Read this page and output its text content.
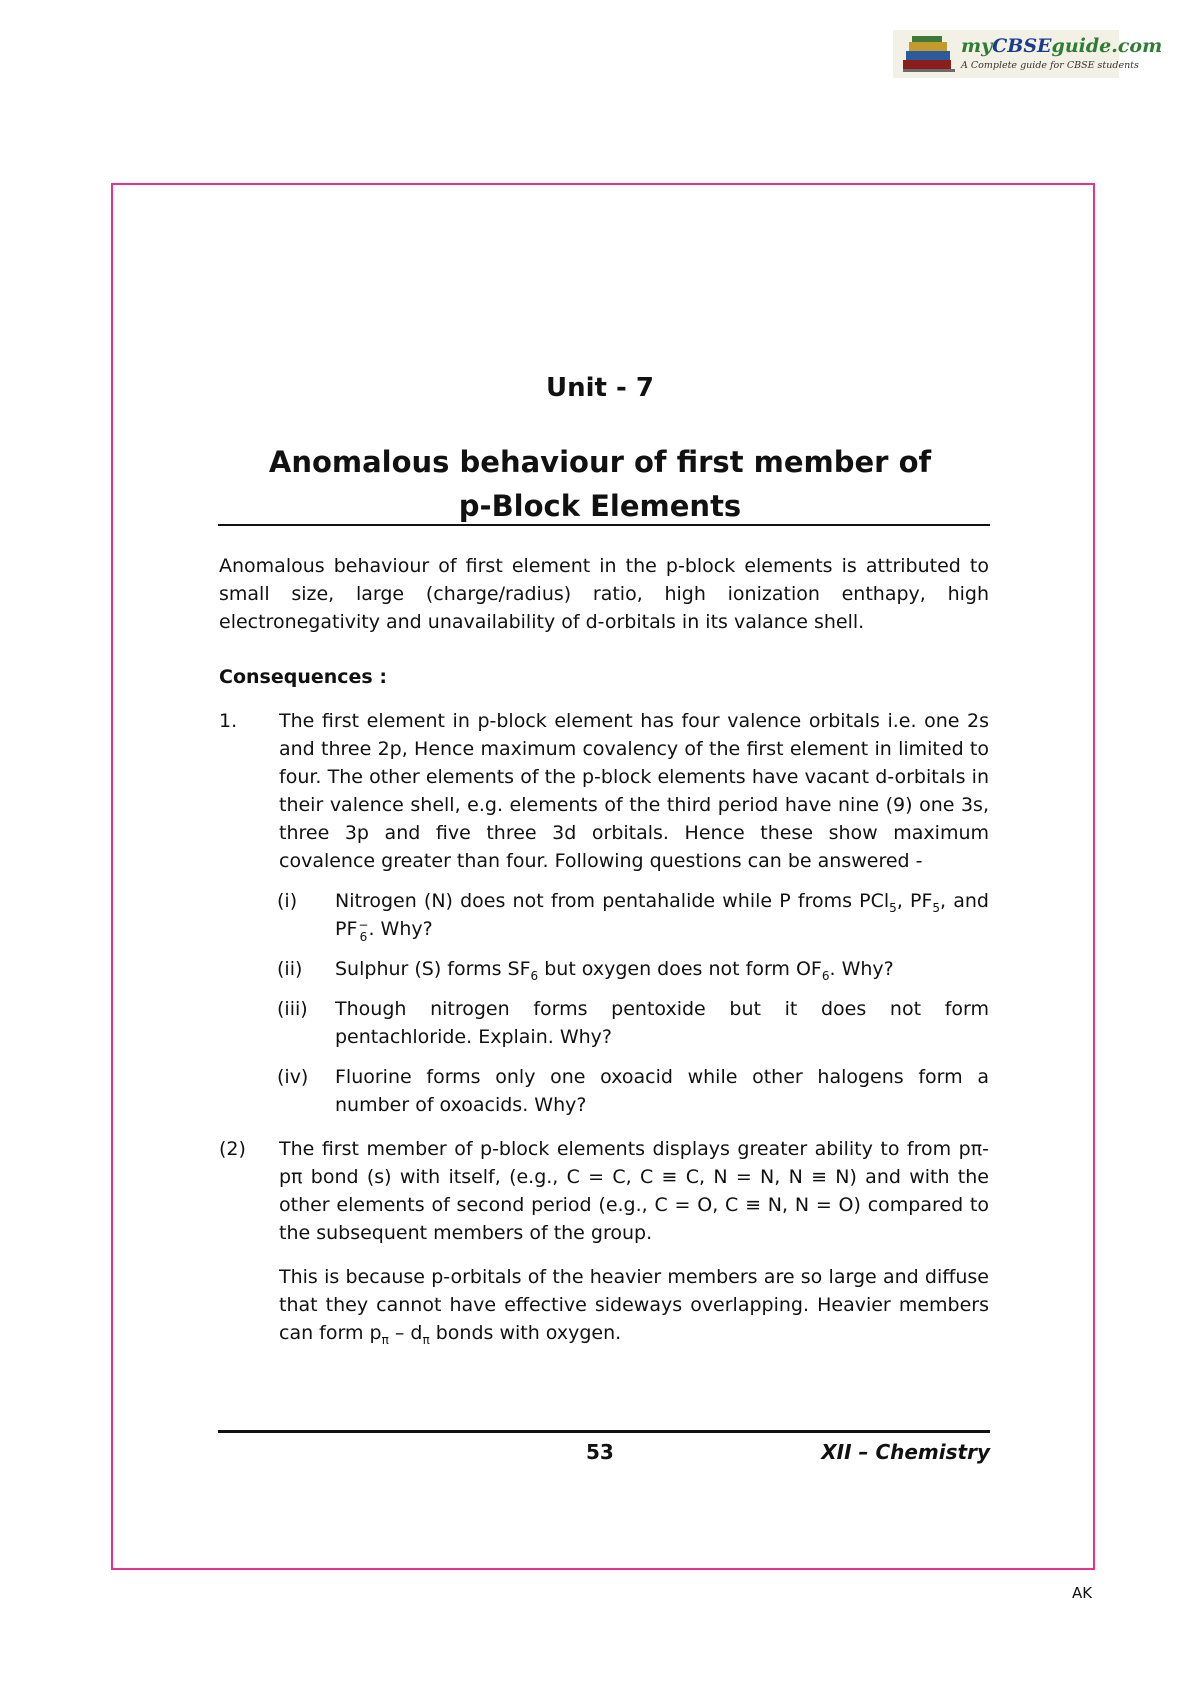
myCBSEguide.com
A Complete guide for CBSE students
Unit - 7
Anomalous behaviour of first member of
p-Block Elements

Anomalous behaviour of first element in the p-block elements is attributed to small size, large (charge/radius) ratio, high ionization enthapy, high electronegativity and unavailability of d-orbitals in its valance shell.

Consequences :

1. The first element in p-block element has four valence orbitals i.e. one 2s and three 2p, Hence maximum covalency of the first element in limited to four. The other elements of the p-block elements have vacant d-orbitals in their valence shell, e.g. elements of the third period have nine (9) one 3s, three 3p and five three 3d orbitals. Hence these show maximum covalence greater than four. Following questions can be answered -
(i) Nitrogen (N) does not from pentahalide while P froms PCl$_5$, $PF_5$, and PF −
6 . Why?
(ii) Sulphur (S) forms $SF_6$ but oxygen does not form $OF_6$. Why?
(iii) Though nitrogen forms pentoxide but it does not form pentachloride. Explain. Why?
(iv) Fluorine forms only one oxoacid while other halogens form a number of oxoacids. Why?
(2) The first member of p-block elements displays greater ability to from pπ-pπ bond (s) with itself, (e.g., C = C, C ≡ C, N = N, N ≡ N) and with the other elements of second period (e.g., C = O, C ≡ N, N = O) compared to the subsequent members of the group.
This is because p-orbitals of the heavier members are so large and diffuse that they cannot have effective sideways overlapping. Heavier members can form $p_\pi - d_\pi$ bonds with oxygen.
53	XII – Chemistry
AK
